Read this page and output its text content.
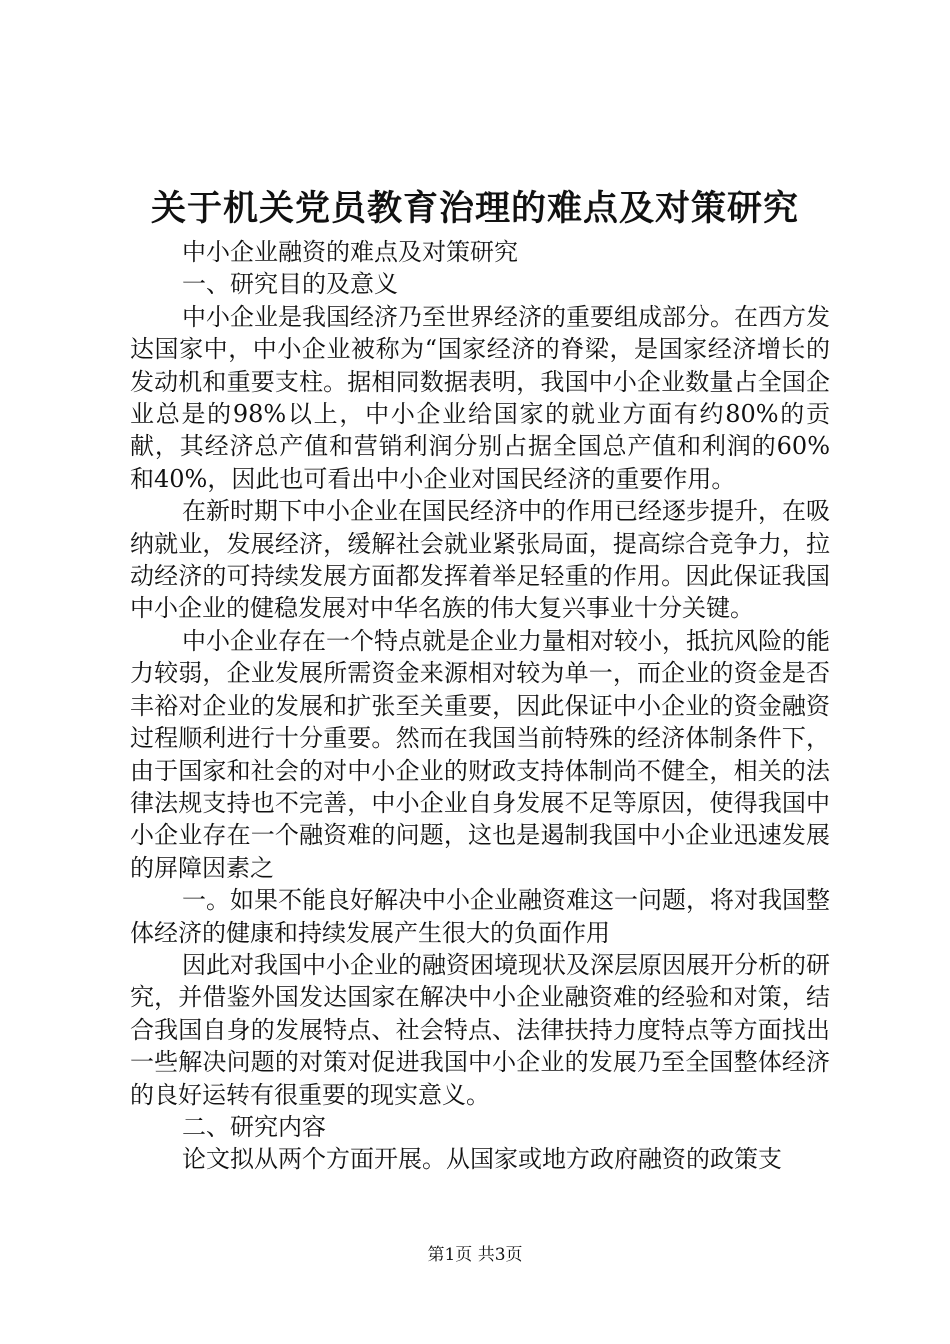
关于机关党员教育治理的难点及对策研究

中小企业融资的难点及对策研究

一、研究目的及意义

中小企业是我国经济乃至世界经济的重要组成部分。在西方发达国家中，中小企业被称为“国家经济的脊梁，是国家经济增长的发动机和重要支柱。据相同数据表明，我国中小企业数量占全国企业总是的98%以上，中小企业给国家的就业方面有约80%的贡献，其经济总产值和营销利润分别占据全国总产值和利润的60%和40%，因此也可看出中小企业对国民经济的重要作用。

在新时期下中小企业在国民经济中的作用已经逐步提升，在吸纳就业，发展经济，缓解社会就业紧张局面，提高综合竞争力，拉动经济的可持续发展方面都发挥着举足轻重的作用。因此保证我国中小企业的健稳发展对中华名族的伟大复兴事业十分关键。

中小企业存在一个特点就是企业力量相对较小，抵抗风险的能力较弱，企业发展所需资金来源相对较为单一，而企业的资金是否丰裕对企业的发展和扩张至关重要，因此保证中小企业的资金融资过程顺利进行十分重要。然而在我国当前特殊的经济体制条件下，由于国家和社会的对中小企业的财政支持体制尚不健全，相关的法律法规支持也不完善，中小企业自身发展不足等原因，使得我国中小企业存在一个融资难的问题，这也是遏制我国中小企业迅速发展的屏障因素之

一。如果不能良好解决中小企业融资难这一问题，将对我国整体经济的健康和持续发展产生很大的负面作用

因此对我国中小企业的融资困境现状及深层原因展开分析的研究，并借鉴外国发达国家在解决中小企业融资难的经验和对策，结合我国自身的发展特点、社会特点、法律扶持力度特点等方面找出一些解决问题的对策对促进我国中小企业的发展乃至全国整体经济的良好运转有很重要的现实意义。

二、研究内容

论文拟从两个方面开展。从国家或地方政府融资的政策支

第1页 共3页
